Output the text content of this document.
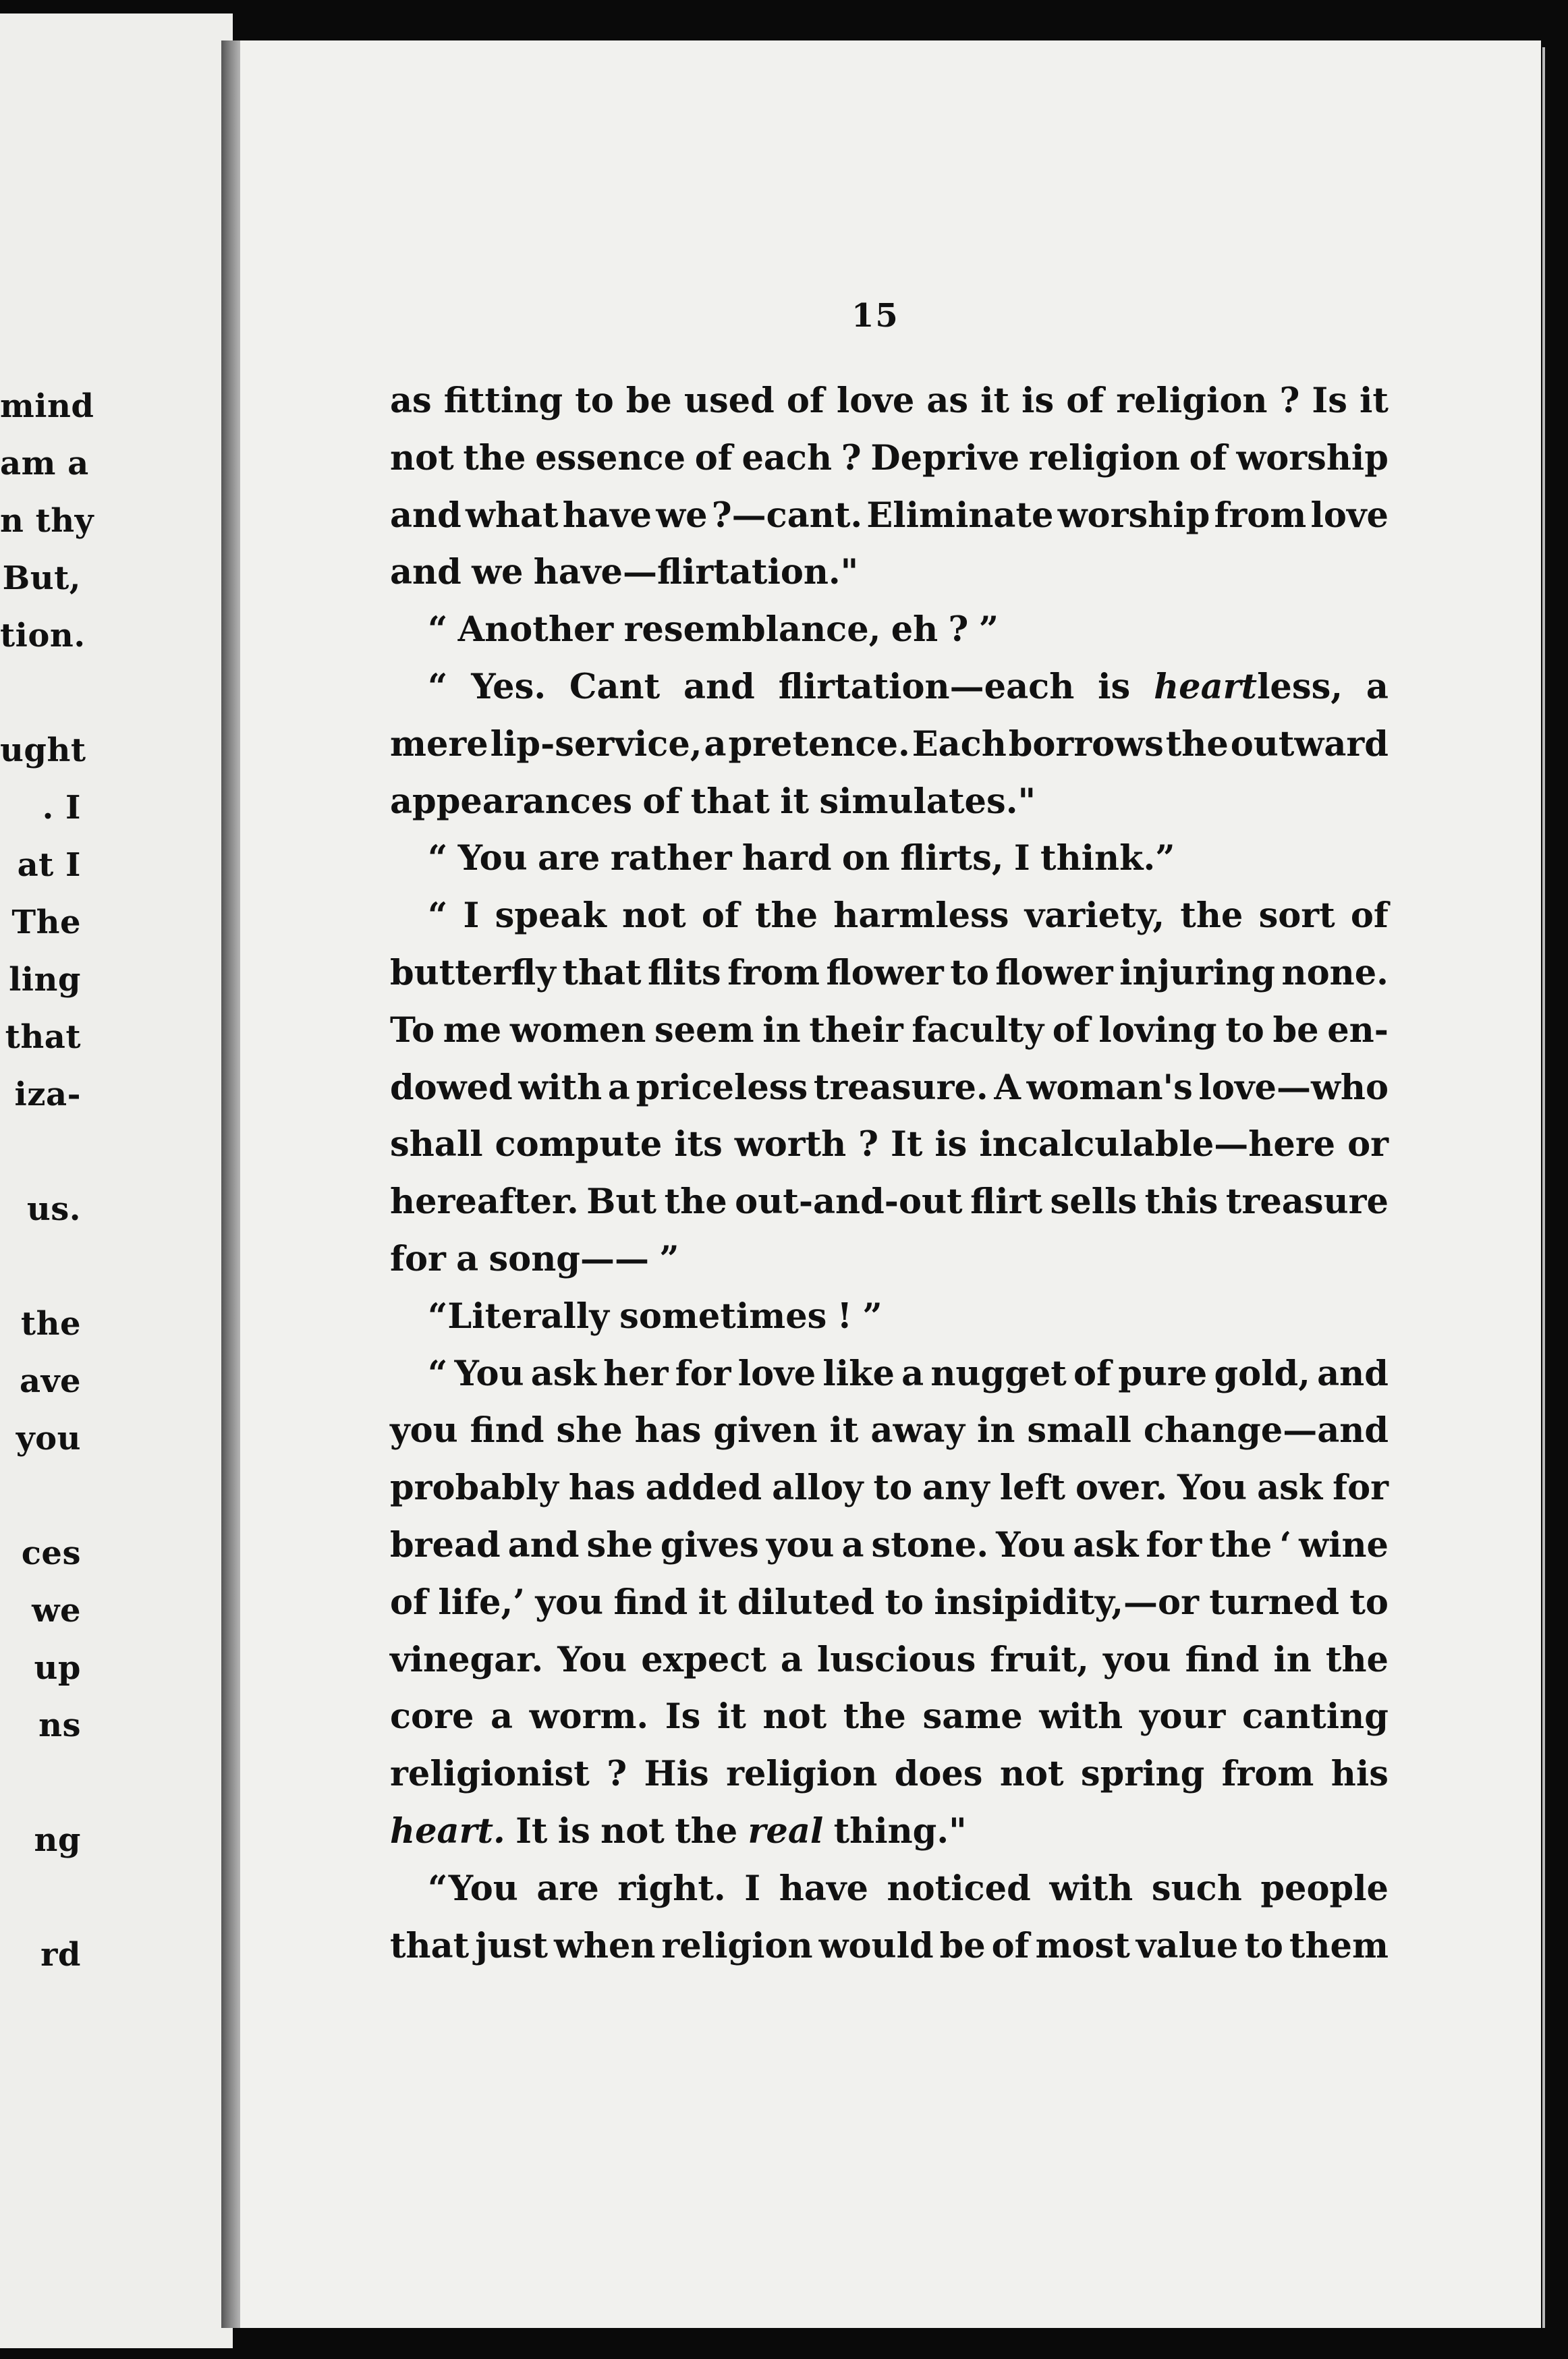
mind
am a
n thy
But,
tion.
ught
. I
at I
The
ling
that
iza-
us.
the
ave
you
ces
we
up
ns
ng
rd
15
as fitting to be used of love as it is of religion ? Is it
not the essence of each ? Deprive religion of worship
and what have we ?—cant. Eliminate worship from love
and we have—flirtation."
“ Another resemblance, eh ? ”
“ Yes. Cant and flirtation—each is heartless, a
mere lip-service, a pretence. Each borrows the outward
appearances of that it simulates."
“ You are rather hard on flirts, I think.”
“ I speak not of the harmless variety, the sort of
butterfly that flits from flower to flower injuring none.
To me women seem in their faculty of loving to be en-
dowed with a priceless treasure. A woman's love—who
shall compute its worth ? It is incalculable—here or
hereafter. But the out-and-out flirt sells this treasure
for a song—— ”
“Literally sometimes ! ”
“ You ask her for love like a nugget of pure gold, and
you find she has given it away in small change—and
probably has added alloy to any left over. You ask for
bread and she gives you a stone. You ask for the ‘ wine
of life,’ you find it diluted to insipidity,—or turned to
vinegar. You expect a luscious fruit, you find in the
core a worm. Is it not the same with your canting
religionist ? His religion does not spring from his
heart. It is not the real thing."
“You are right. I have noticed with such people
that just when religion would be of most value to them
